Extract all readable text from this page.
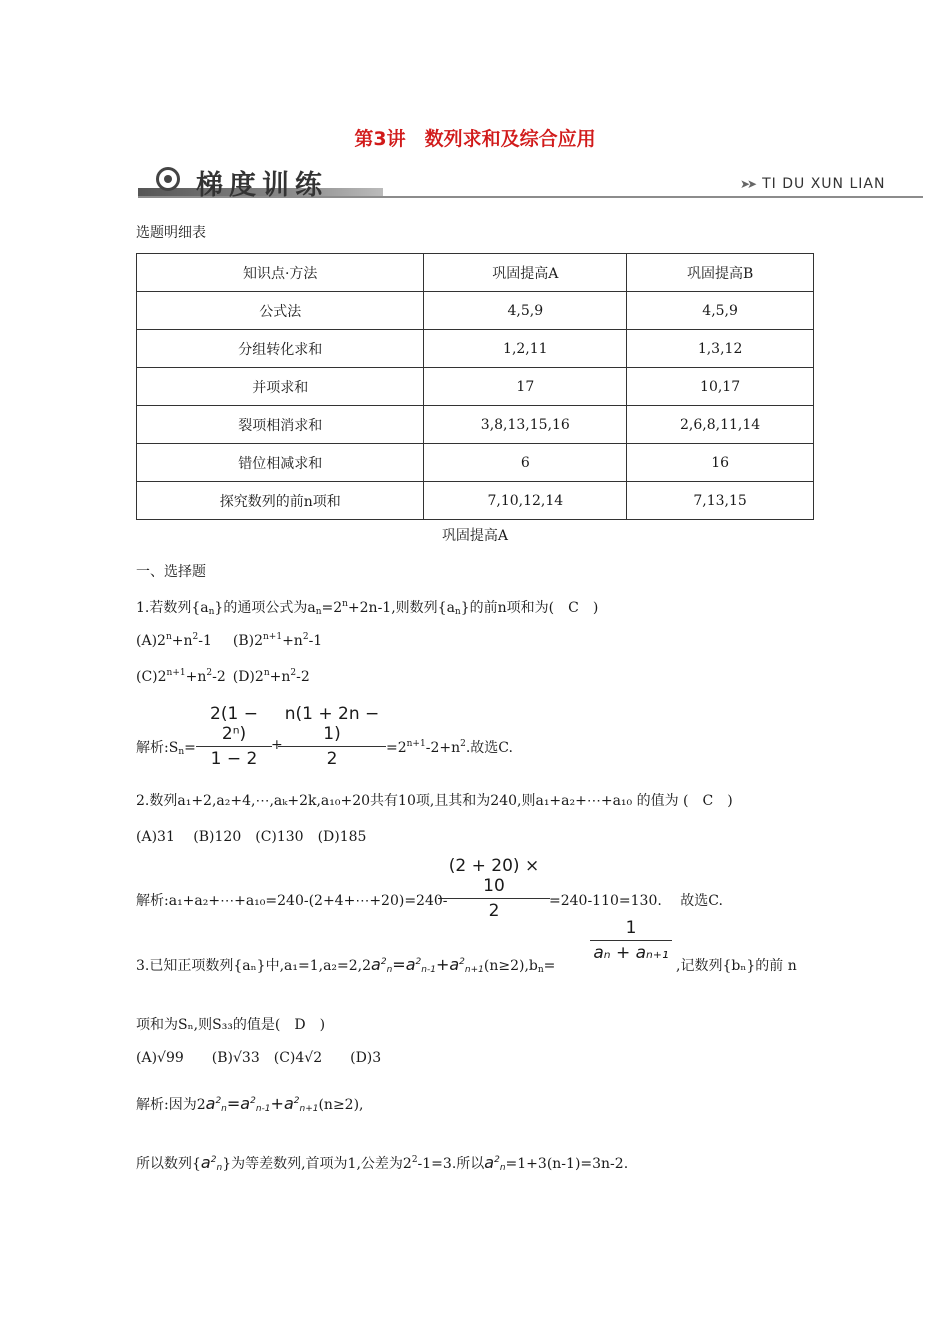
第3讲　数列求和及综合应用
梯度训练	➤➤ TI DU XUN LIAN
选题明细表
知识点·方法	巩固提高A	巩固提高B
公式法	4,5,9	4,5,9
分组转化求和	1,2,11	1,3,12
并项求和	17	10,17
裂项相消求和	3,8,13,15,16	2,6,8,11,14
错位相减求和	6	16
探究数列的前n项和	7,10,12,14	7,13,15
巩固提高A
一、选择题
1.若数列$\{a_n\}$的通项公式为$a_n=2^n+2n-1$,则数列$\{a_n\}$的前n项和为(　C　)
$(A)2^n+n^2-1$   $(B)2^{n+1}+n^2-1$
$(C)2^{n+1}+n^2-2$  $(D)2^n+n^2-2$
$\frac{\text{2(1 − 2ⁿ)}}{1 - 2} \frac{n(1 + 2n - 1)}{2}$
解析$:S_n=$	+	$=2^{n+1}-2+n^2$.故选C.
2.数列a₁+2,a₂+4,⋯,aₖ+2k,a₁₀+20共有10项,且其和为240,则a₁+a₂+⋯+a₁₀ 的值为 (　C　)
(A)31　 (B)120　(C)130　(D)185
$\frac{(2 + 20) \times 10}{2}$
解析:a₁+a₂+⋯+a₁₀=240-(2+4+⋯+20)=240-	=240-110=130.　 故选C.
3.已知正项数列{aₙ}中$,a_1=1,a_2=2,2a^2_n=a^2_{n-1}+a^2_{n+1}(n\ge 2),b_n=$
$\frac{1}{\text{aₙ + aₙ₊₁}}$
,记数列{bₙ}的前 n
项和为Sₙ,则S₃₃的值是(　D　)
(A)√99   (B)√33  (C)4√2   (D)3
解析:因为$2a^2_n=a^2_{n-1}+a^2_{n+1}(n\ge 2)$,
所以数列$\{a^2_n\}$为等差数列,首项为1,公差为$2^2-1=3$.所以$a^2_n=1+3(n-1)=3n-2$.
